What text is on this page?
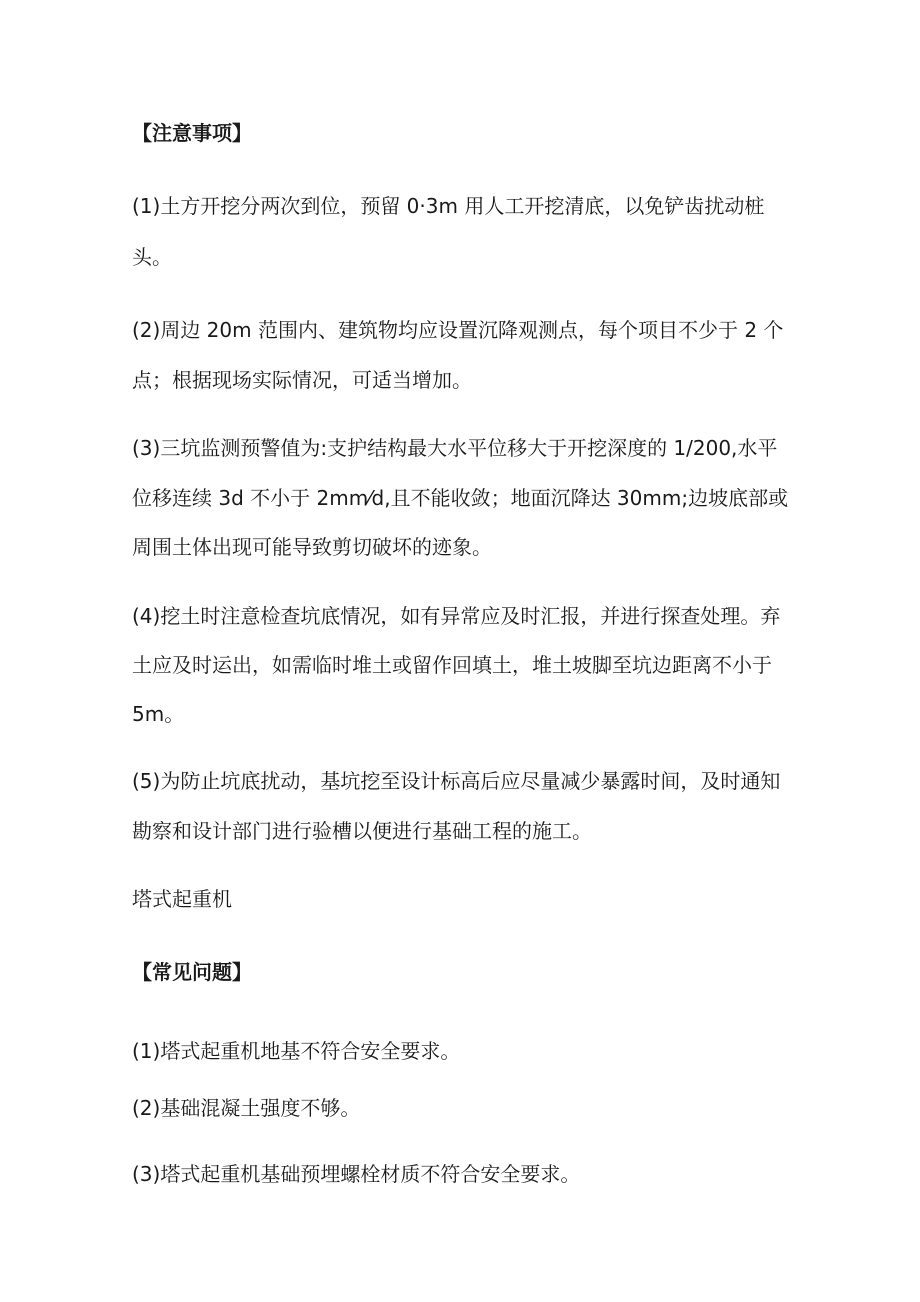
【注意事项】
(1)土方开挖分两次到位，预留 0·3m 用人工开挖清底，以免铲齿扰动桩
头。
(2)周边 20m 范围内、建筑物均应设置沉降观测点，每个项目不少于 2 个
点；根据现场实际情况，可适当增加。
(3)三坑监测预警值为:支护结构最大水平位移大于开挖深度的 1/200,水平
位移连续 3d 不小于 2mm⁄d,且不能收敛；地面沉降达 30mm;边坡底部或
周围土体出现可能导致剪切破坏的迹象。
(4)挖土时注意检查坑底情况，如有异常应及时汇报，并进行探查处理。弃
土应及时运出，如需临时堆土或留作回填土，堆土坡脚至坑边距离不小于
5m。
(5)为防止坑底扰动，基坑挖至设计标高后应尽量减少暴露时间，及时通知
勘察和设计部门进行验槽以便进行基础工程的施工。
塔式起重机
【常见问题】
(1)塔式起重机地基不符合安全要求。
(2)基础混凝土强度不够。
(3)塔式起重机基础预埋螺栓材质不符合安全要求。
